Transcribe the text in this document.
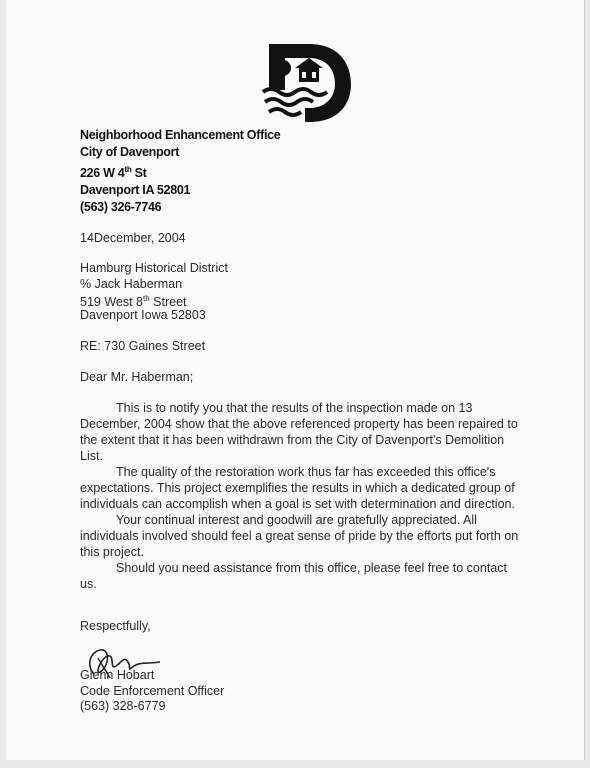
Neighborhood Enhancement Office
City of Davenport
226 W 4th St
Davenport IA 52801
(563) 326-7746
14December, 2004
Hamburg Historical District
% Jack Haberman
519 West 8th Street
Davenport Iowa 52803
RE: 730 Gaines Street
Dear Mr. Haberman;

This is to notify you that the results of the inspection made on 13 December, 2004 show that the above referenced property has been repaired to the extent that it has been withdrawn from the City of Davenport's Demolition List.

The quality of the restoration work thus far has exceeded this office's expectations. This project exemplifies the results in which a dedicated group of individuals can accomplish when a goal is set with determination and direction.

Your continual interest and goodwill are gratefully appreciated. All individuals involved should feel a great sense of pride by the efforts put forth on this project.

Should you need assistance from this office, please feel free to contact us.

Respectfully,
Glenn Hobart
Code Enforcement Officer
(563) 328-6779
